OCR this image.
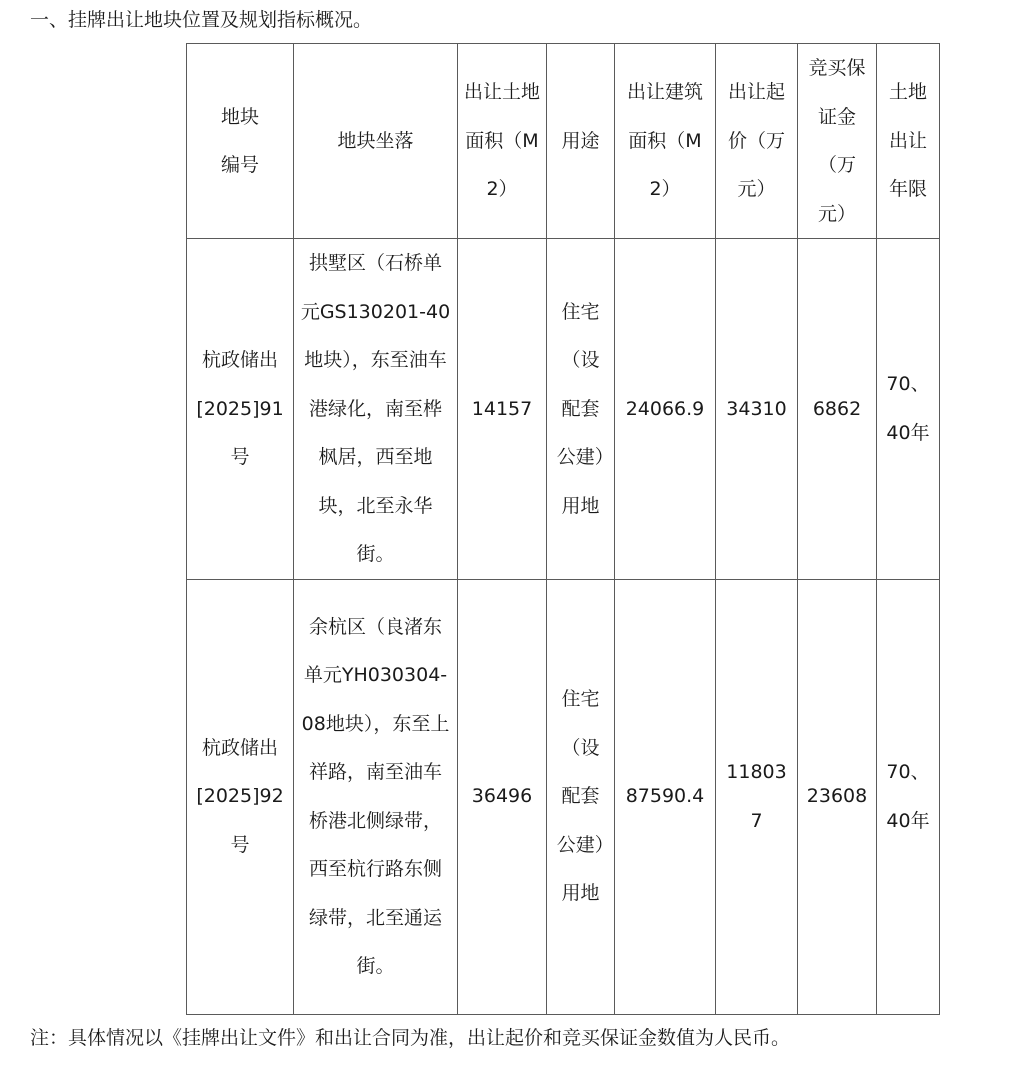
一、挂牌出让地块位置及规划指标概况。
地块编号	地块坐落	出让土地面积（M2）	用途	出让建筑面积（M2）	出让起价（万元）	竞买保证金（万元）	土地出让年限

杭政储出[2025]91号	拱墅区（石桥单元GS130201-40地块），东至油车港绿化，南至桦枫居，西至地块，北至永华街。	14157	住宅（设配套公建）用地	24066.9	34310	6862	70、40年

杭政储出[2025]92号	余杭区（良渚东单元YH030304-08地块），东至上祥路，南至油车桥港北侧绿带，西至杭行路东侧绿带，北至通运街。	36496	住宅（设配套公建）用地	87590.4	118037	23608	70、40年
注：具体情况以《挂牌出让文件》和出让合同为准，出让起价和竞买保证金数值为人民币。
